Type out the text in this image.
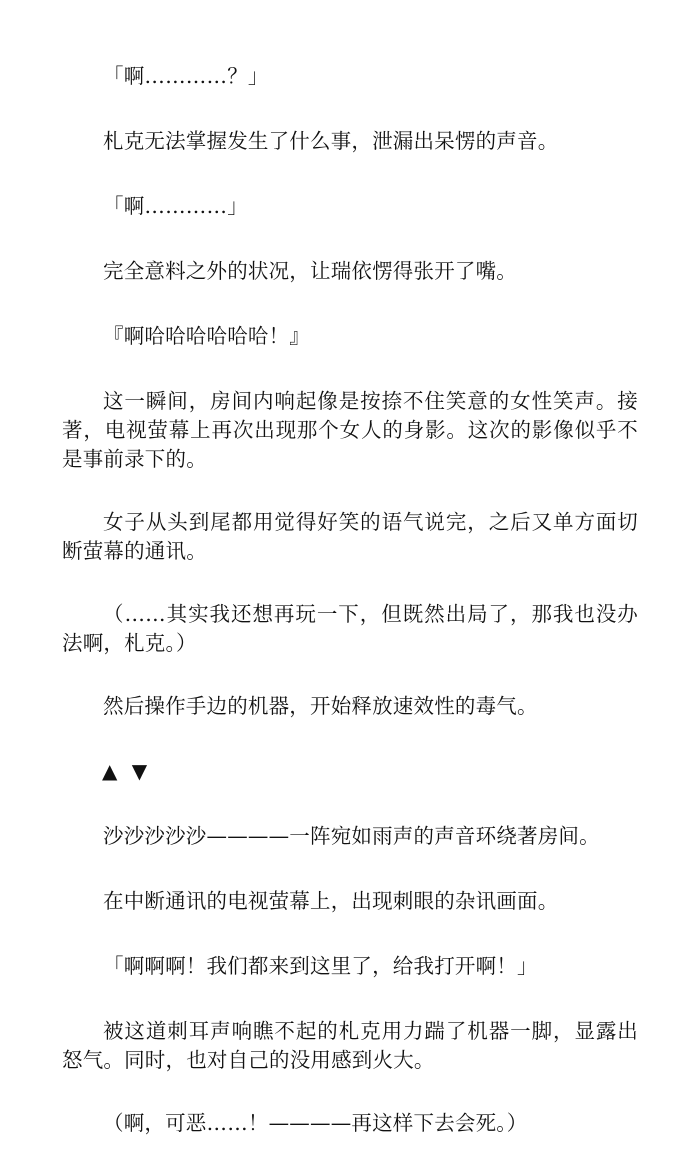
「啊…………？」

札克无法掌握发生了什么事，泄漏出呆愣的声音。

「啊…………」

完全意料之外的状况，让瑞依愣得张开了嘴。

『啊哈哈哈哈哈哈！』

这一瞬间，房间内响起像是按捺不住笑意的女性笑声。接著，电视萤幕上再次出现那个女人的身影。这次的影像似乎不是事前录下的。

女子从头到尾都用觉得好笑的语气说完，之后又单方面切断萤幕的通讯。

（……其实我还想再玩一下，但既然出局了，那我也没办法啊，札克。）

然后操作手边的机器，开始释放速效性的毒气。

▲ ▼

沙沙沙沙沙————一阵宛如雨声的声音环绕著房间。

在中断通讯的电视萤幕上，出现刺眼的杂讯画面。

「啊啊啊！我们都来到这里了，给我打开啊！」

被这道刺耳声响瞧不起的札克用力踹了机器一脚，显露出怒气。同时，也对自己的没用感到火大。

（啊，可恶……！————再这样下去会死。）
